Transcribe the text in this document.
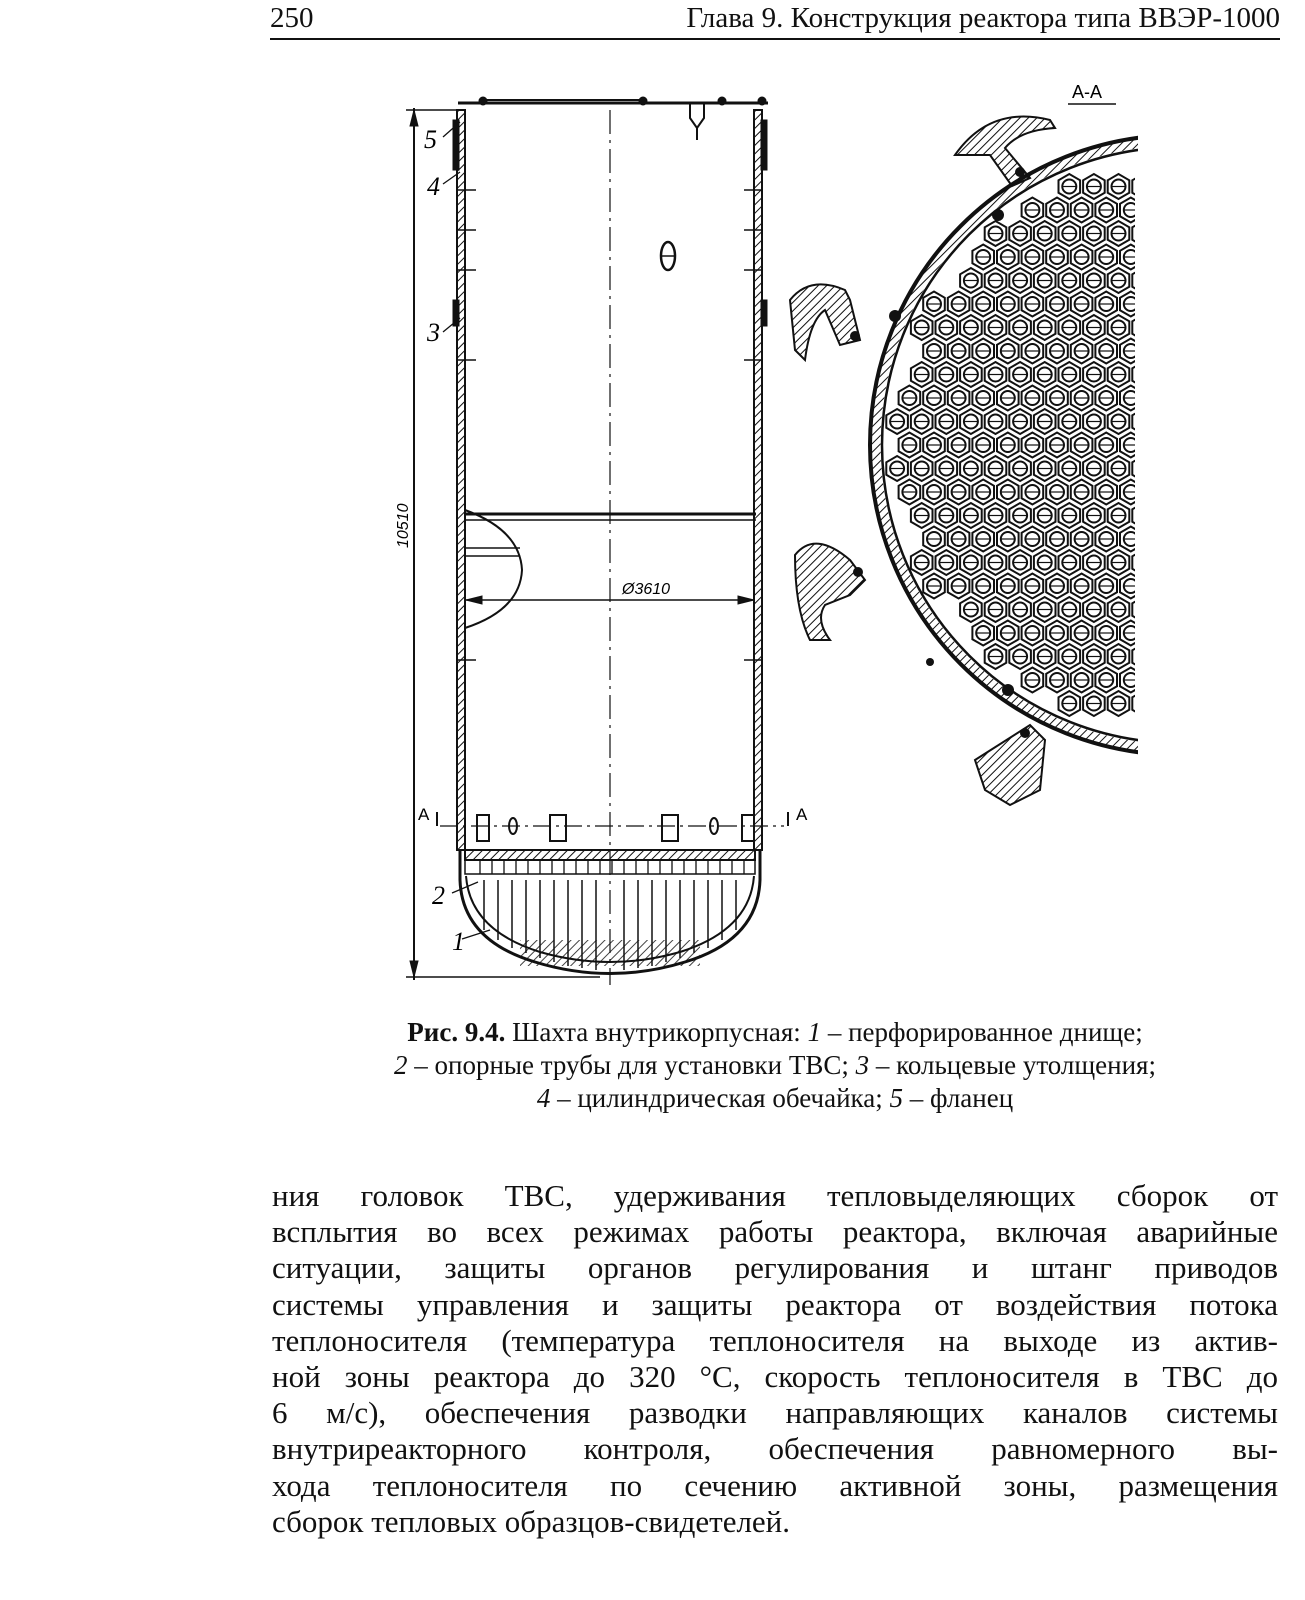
250	Глава 9. Конструкция реактора типа ВВЭР-1000
5
4
3
2
1
А	А
10510
Ø3610
А-А
Рис. 9.4. Шахта внутрикорпусная: 1 – перфорированное днище;
2 – опорные трубы для установки ТВС; 3 – кольцевые утолщения;
4 – цилиндрическая обечайка; 5 – фланец
ния головок ТВС, удерживания тепловыделяющих сборок от
всплытия во всех режимах работы реактора, включая аварийные
ситуации, защиты органов регулирования и штанг приводов
системы управления и защиты реактора от воздействия потока
теплоносителя (температура теплоносителя на выходе из актив-
ной зоны реактора до 320 °С, скорость теплоносителя в ТВС до
6 м/с), обеспечения разводки направляющих каналов системы
внутриреакторного контроля, обеспечения равномерного вы-
хода теплоносителя по сечению активной зоны, размещения
сборок тепловых образцов-свидетелей.
